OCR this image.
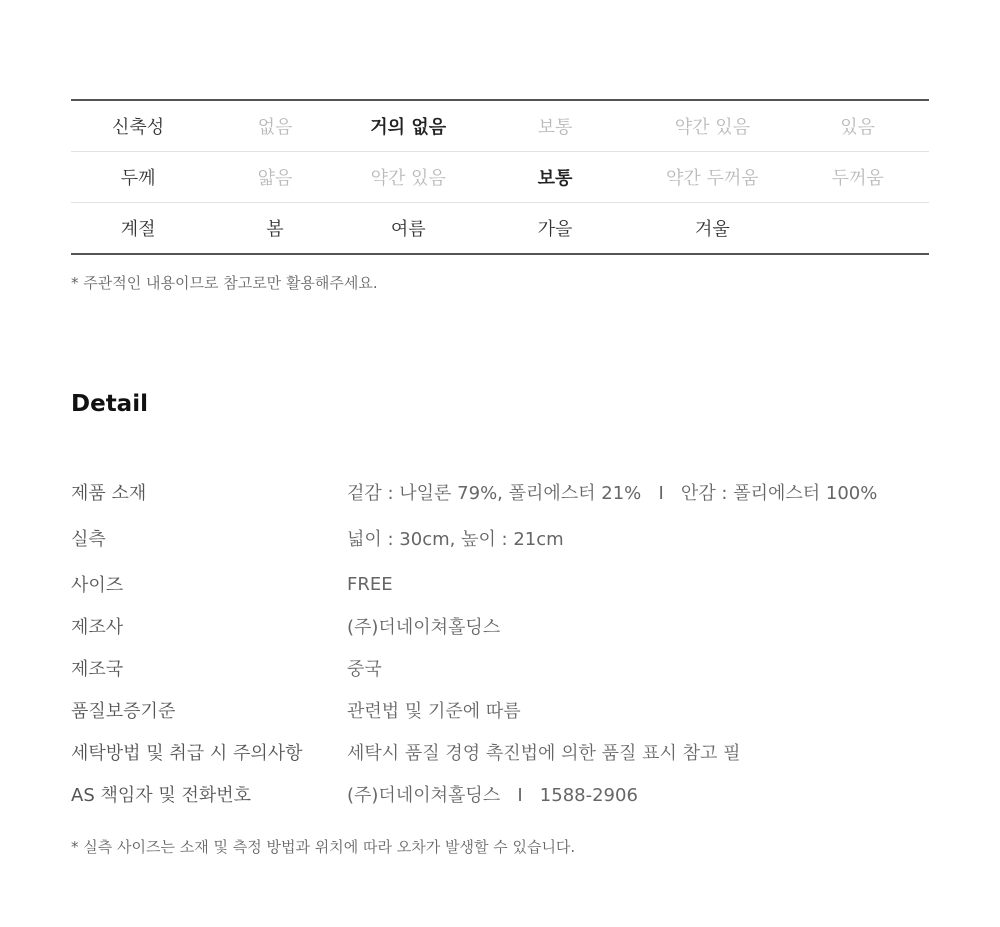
신축성	없음	거의 없음	보통	약간 있음	있음
두께	얇음	약간 있음	보통	약간 두꺼움	두꺼움
계절	봄	여름	가을	겨울	
* 주관적인 내용이므로 참고로만 활용해주세요.
Detail
제품 소재	겉감 : 나일론 79%, 폴리에스터 21%   I   안감 : 폴리에스터 100%
실측	넓이 : 30cm, 높이 : 21cm
사이즈	FREE
제조사	(주)더네이쳐홀딩스
제조국	중국
품질보증기준	관련법 및 기준에 따름
세탁방법 및 취급 시 주의사항	세탁시 품질 경영 촉진법에 의한 품질 표시 참고 필
AS 책임자 및 전화번호	(주)더네이쳐홀딩스   I   1588-2906
* 실측 사이즈는 소재 및 측정 방법과 위치에 따라 오차가 발생할 수 있습니다.
